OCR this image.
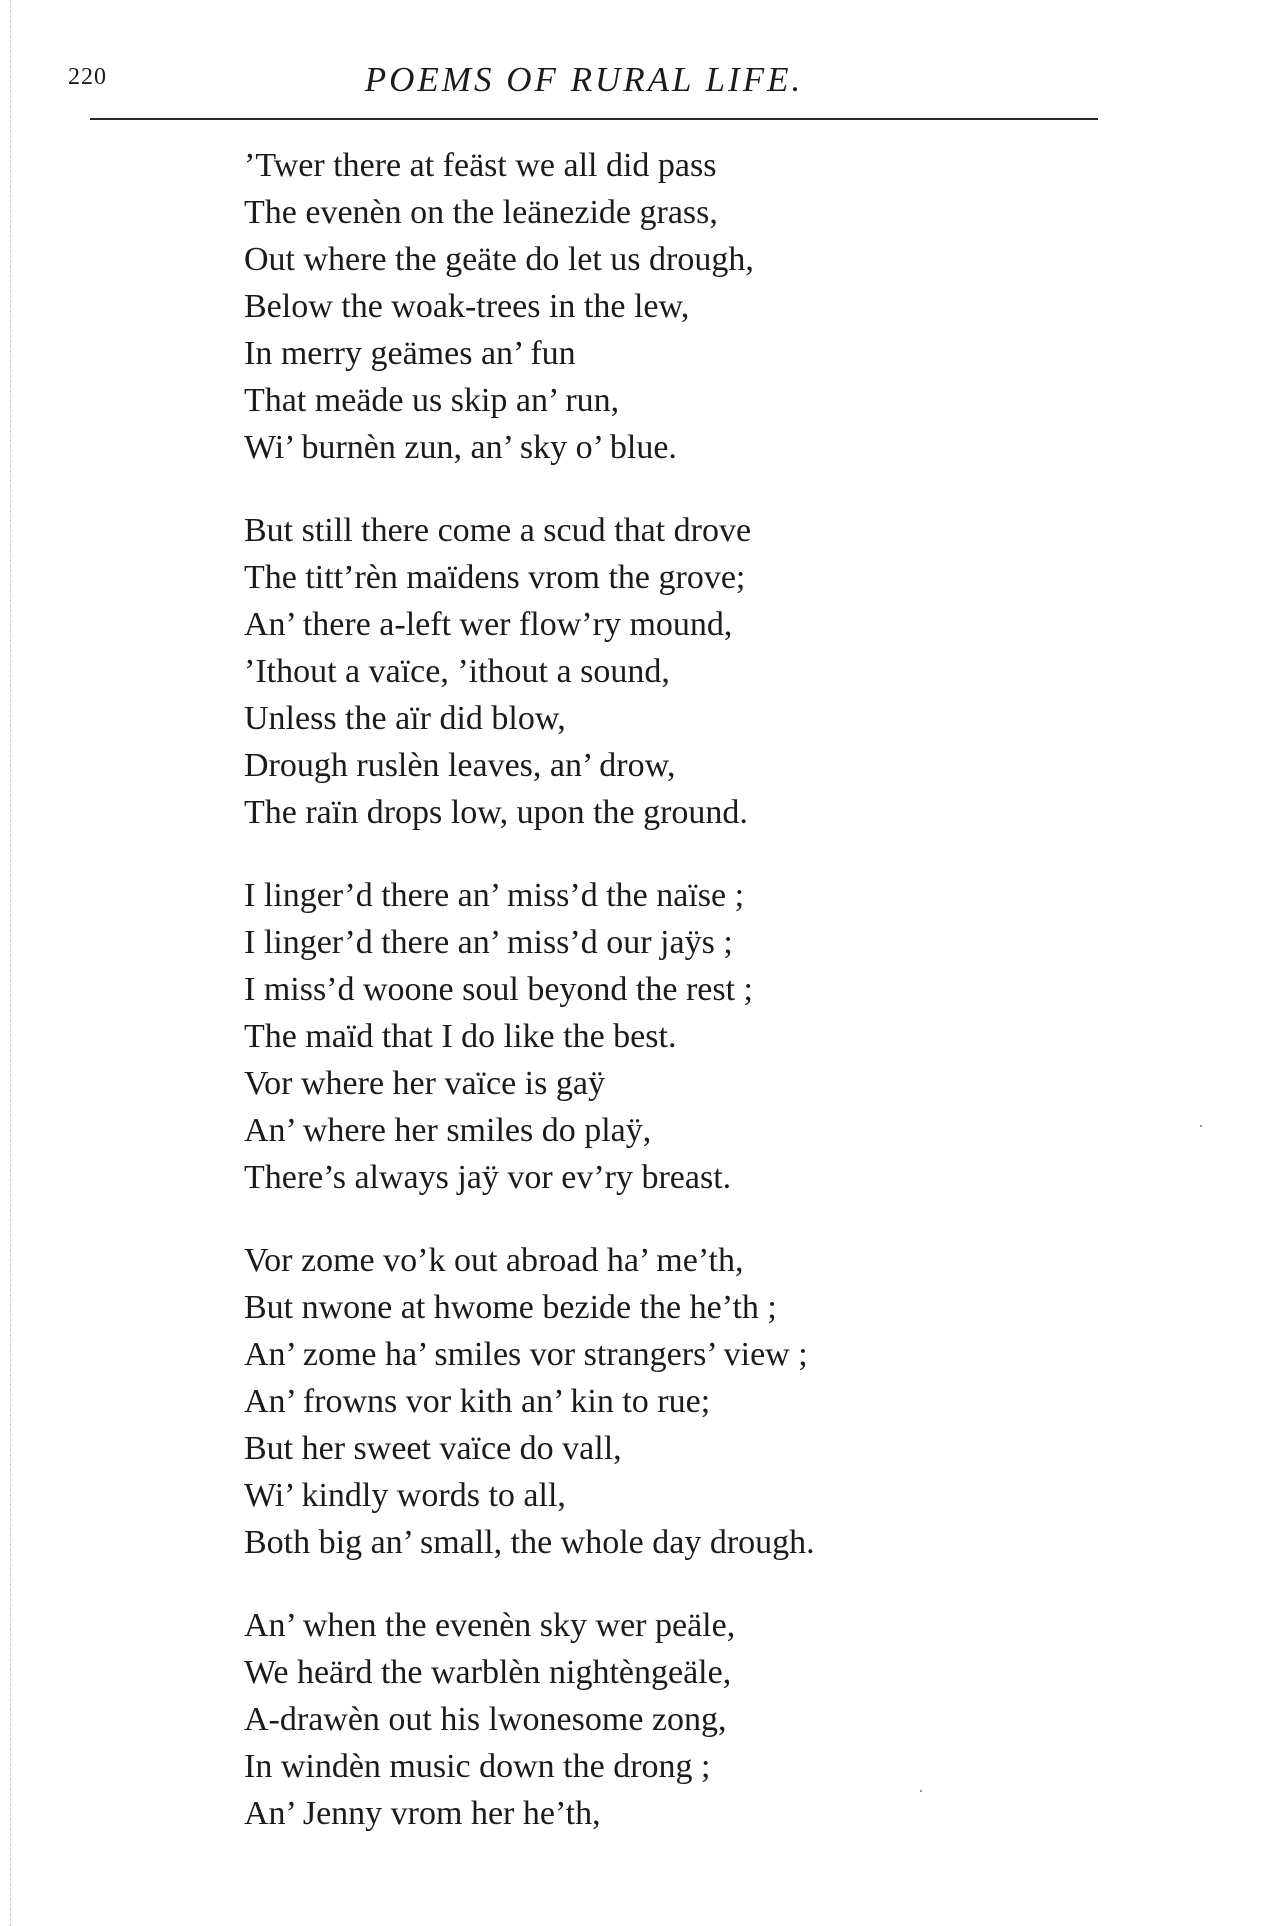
220	POEMS OF RURAL LIFE.
’Twer there at feäst we all did pass
The evenèn on the leänezide grass,
Out where the geäte do let us drough,
Below the woak-trees in the lew,
In merry geämes an’ fun
That meäde us skip an’ run,
Wi’ burnèn zun, an’ sky o’ blue.
But still there come a scud that drove
The titt’rèn maïdens vrom the grove;
An’ there a-left wer flow’ry mound,
’Ithout a vaïce, ’ithout a sound,
Unless the aïr did blow,
Drough ruslèn leaves, an’ drow,
The raïn drops low, upon the ground.
I linger’d there an’ miss’d the naïse ;
I linger’d there an’ miss’d our jaÿs ;
I miss’d woone soul beyond the rest ;
The maïd that I do like the best.
Vor where her vaïce is gaÿ
An’ where her smiles do plaÿ,
There’s always jaÿ vor ev’ry breast.
Vor zome vo’k out abroad ha’ me’th,
But nwone at hwome bezide the he’th ;
An’ zome ha’ smiles vor strangers’ view ;
An’ frowns vor kith an’ kin to rue;
But her sweet vaïce do vall,
Wi’ kindly words to all,
Both big an’ small, the whole day drough.
An’ when the evenèn sky wer peäle,
We heärd the warblèn nightèngeäle,
A-drawèn out his lwonesome zong,
In windèn music down the drong ;
An’ Jenny vrom her he’th,
